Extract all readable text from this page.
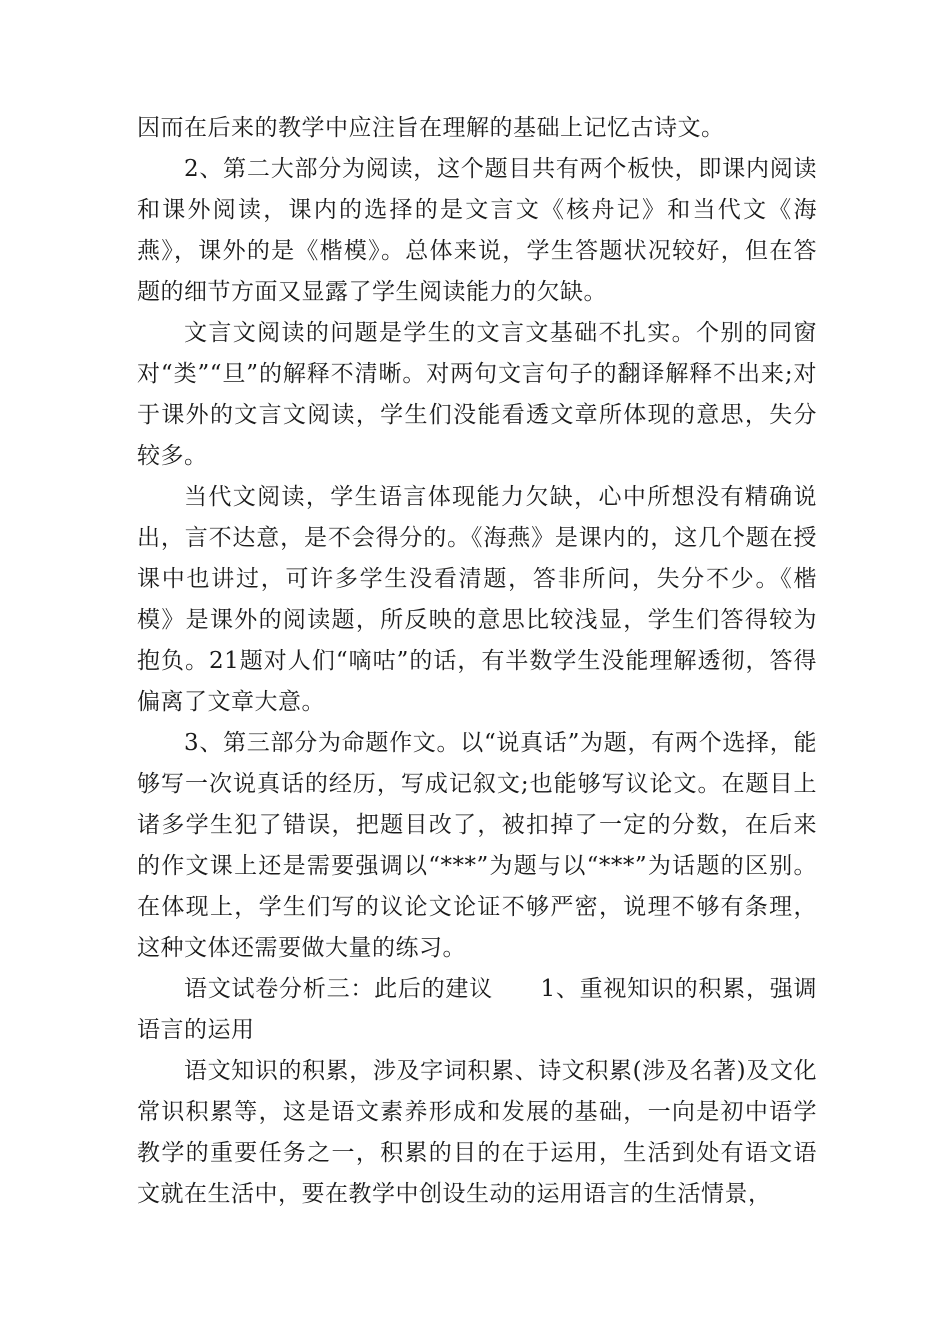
因而在后来的教学中应注旨在理解的基础上记忆古诗文。

2、第二大部分为阅读，这个题目共有两个板快，即课内阅读和课外阅读，课内的选择的是文言文《核舟记》和当代文《海燕》，课外的是《楷模》。总体来说，学生答题状况较好，但在答题的细节方面又显露了学生阅读能力的欠缺。

文言文阅读的问题是学生的文言文基础不扎实。个别的同窗对“类”“旦”的解释不清晰。对两句文言句子的翻译解释不出来;对于课外的文言文阅读，学生们没能看透文章所体现的意思，失分较多。

当代文阅读，学生语言体现能力欠缺，心中所想没有精确说出，言不达意，是不会得分的。《海燕》是课内的，这几个题在授课中也讲过，可许多学生没看清题，答非所问，失分不少。《楷模》是课外的阅读题，所反映的意思比较浅显，学生们答得较为抱负。21题对人们“嘀咕”的话，有半数学生没能理解透彻，答得偏离了文章大意。

3、第三部分为命题作文。以“说真话”为题，有两个选择，能够写一次说真话的经历，写成记叙文;也能够写议论文。在题目上诸多学生犯了错误，把题目改了，被扣掉了一定的分数，在后来的作文课上还是需要强调以“***”为题与以“***”为话题的区别。在体现上，学生们写的议论文论证不够严密，说理不够有条理，这种文体还需要做大量的练习。

语文试卷分析三：此后的建议　　1、重视知识的积累，强调语言的运用

语文知识的积累，涉及字词积累、诗文积累(涉及名著)及文化常识积累等，这是语文素养形成和发展的基础，一向是初中语学教学的重要任务之一，积累的目的在于运用，生活到处有语文语文就在生活中，要在教学中创设生动的运用语言的生活情景，
